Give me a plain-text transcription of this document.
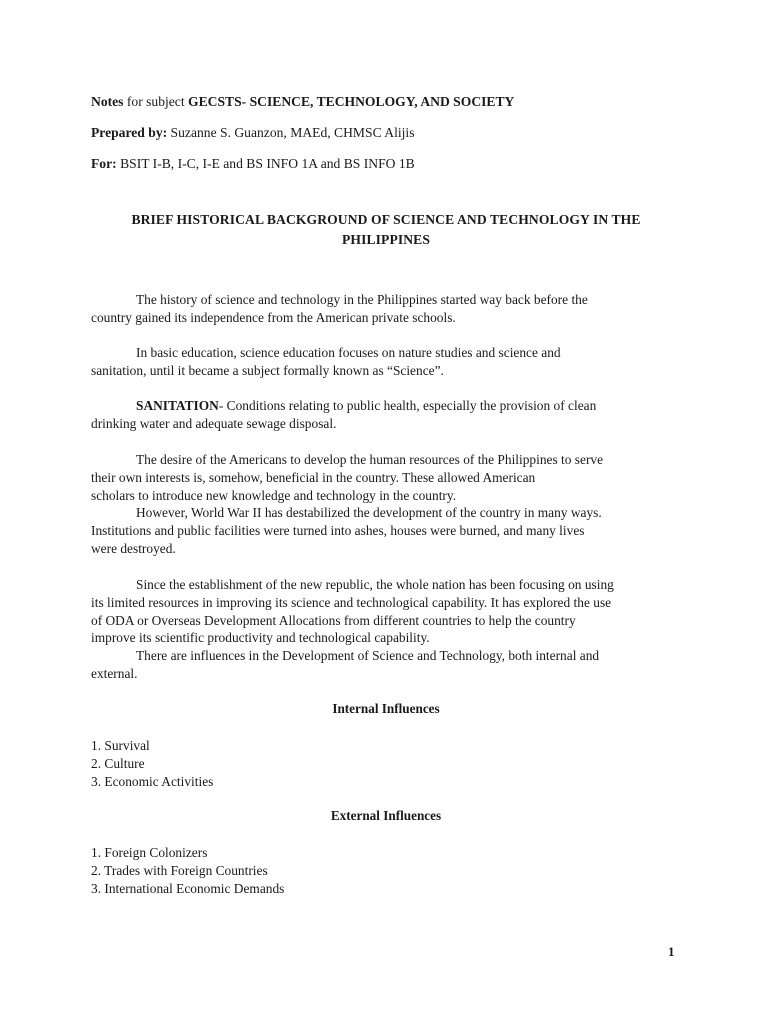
Notes for subject GECSTS- SCIENCE, TECHNOLOGY, AND SOCIETY
Prepared by: Suzanne S. Guanzon, MAEd, CHMSC Alijis
For: BSIT I-B, I-C, I-E and BS INFO 1A and BS INFO 1B
BRIEF HISTORICAL BACKGROUND OF SCIENCE AND TECHNOLOGY IN THE
PHILIPPINES

The history of science and technology in the Philippines started way back before the

country gained its independence from the American private schools.

In basic education, science education focuses on nature studies and science and

sanitation, until it became a subject formally known as “Science”.

SANITATION- Conditions relating to public health, especially the provision of clean

drinking water and adequate sewage disposal.

The desire of the Americans to develop the human resources of the Philippines to serve

their own interests is, somehow, beneficial in the country. These allowed American

scholars to introduce new knowledge and technology in the country.

However, World War II has destabilized the development of the country in many ways.

Institutions and public facilities were turned into ashes, houses were burned, and many lives

were destroyed.

Since the establishment of the new republic, the whole nation has been focusing on using

its limited resources in improving its science and technological capability. It has explored the use

of ODA or Overseas Development Allocations from different countries to help the country

improve its scientific productivity and technological capability.

There are influences in the Development of Science and Technology, both internal and

external.

Internal Influences
1. Survival
2. Culture
3. Economic Activities
External Influences
1. Foreign Colonizers
2. Trades with Foreign Countries
3. International Economic Demands
1
